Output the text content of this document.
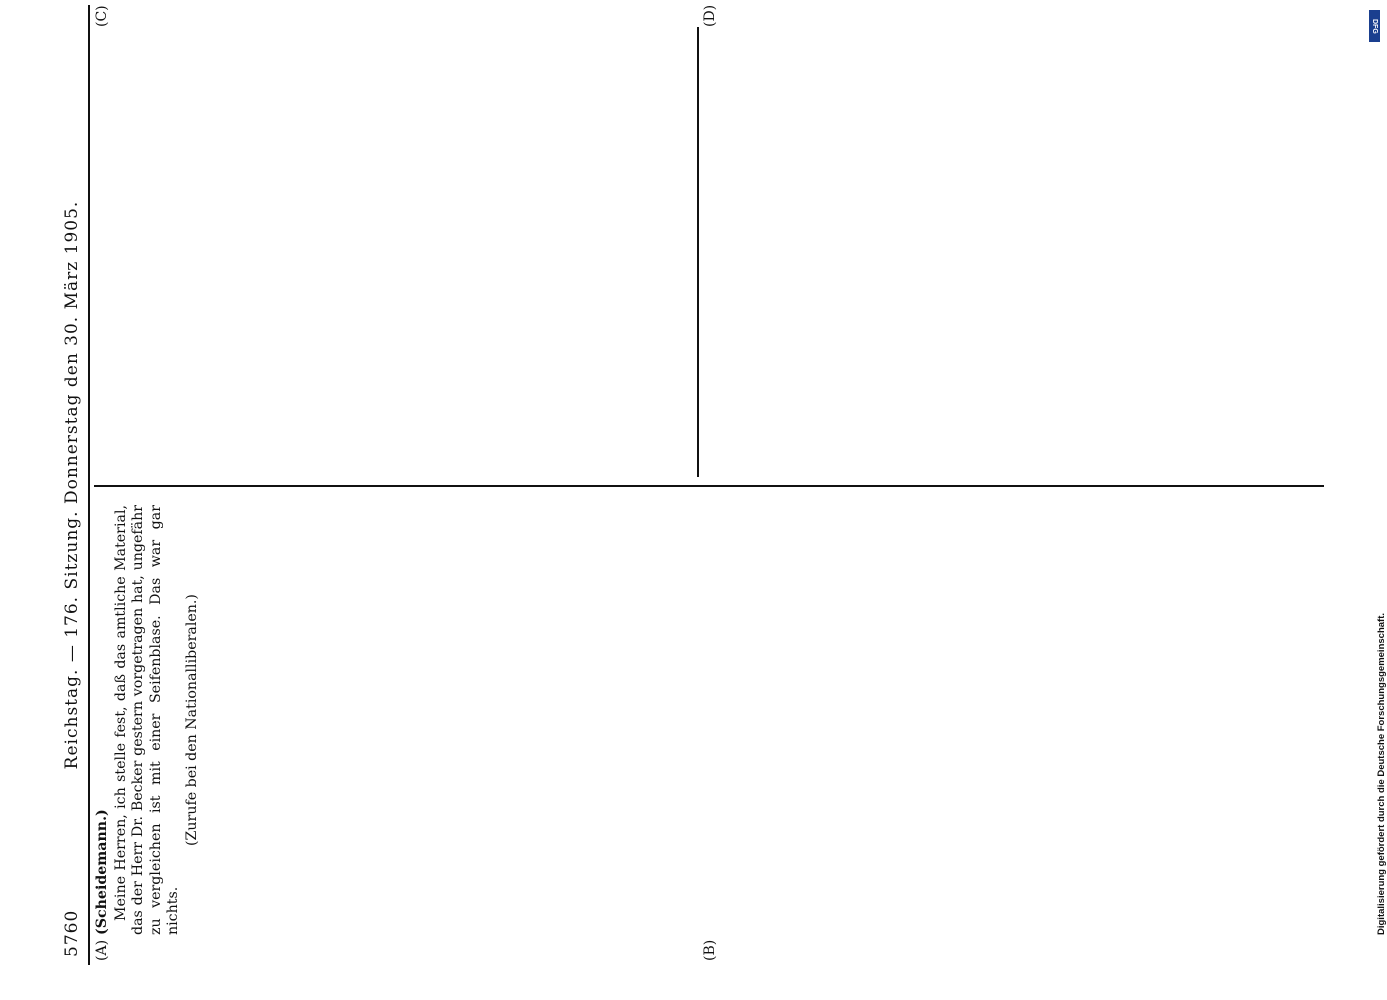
5760
Reichstag. — 176. Sitzung. Donnerstag den 30. März 1905.
(A)	(B)
(C)	(D)

(Scheidemann.) Meine Herren, ich stelle fest, daß das amtliche Material, das der Herr Dr. Becker gestern vorgetragen hat, ungefähr zu vergleichen ist mit einer Seifenblase. Das war gar nichts.

(Zurufe bei den Nationalliberalen.)

DFG
Digitalisierung gefördert durch die Deutsche Forschungsgemeinschaft.
